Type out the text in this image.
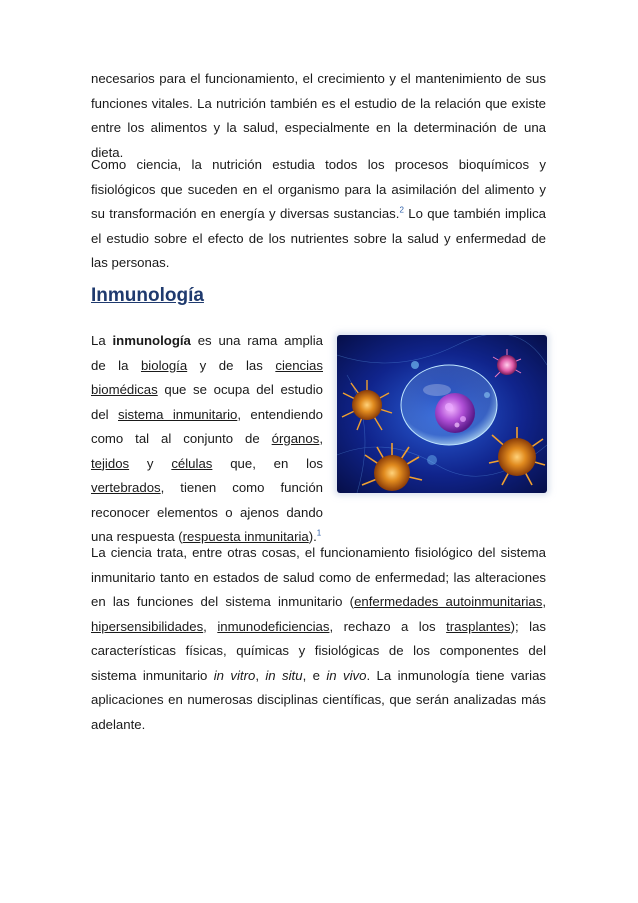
necesarios para el funcionamiento, el crecimiento y el mantenimiento de sus funciones vitales. La nutrición también es el estudio de la relación que existe entre los alimentos y la salud, especialmente en la determinación de una dieta.

Como ciencia, la nutrición estudia todos los procesos bioquímicos y fisiológicos que suceden en el organismo para la asimilación del alimento y su transformación en energía y diversas sustancias.$^2$ Lo que también implica el estudio sobre el efecto de los nutrientes sobre la salud y enfermedad de las personas.

Inmunología

La inmunología es una rama amplia de la biología y de las ciencias biomédicas que se ocupa del estudio del sistema inmunitario, entendiendo como tal al conjunto de órganos, tejidos y células que, en los vertebrados, tienen como función reconocer elementos o ajenos dando una respuesta (respuesta inmunitaria).$^1$

La ciencia trata, entre otras cosas, el funcionamiento fisiológico del sistema inmunitario tanto en estados de salud como de enfermedad; las alteraciones en las funciones del sistema inmunitario (enfermedades autoinmunitarias, hipersensibilidades, inmunodeficiencias, rechazo a los trasplantes); las características físicas, químicas y fisiológicas de los componentes del sistema inmunitario in vitro, in situ, e in vivo. La inmunología tiene varias aplicaciones en numerosas disciplinas científicas, que serán analizadas más adelante.
